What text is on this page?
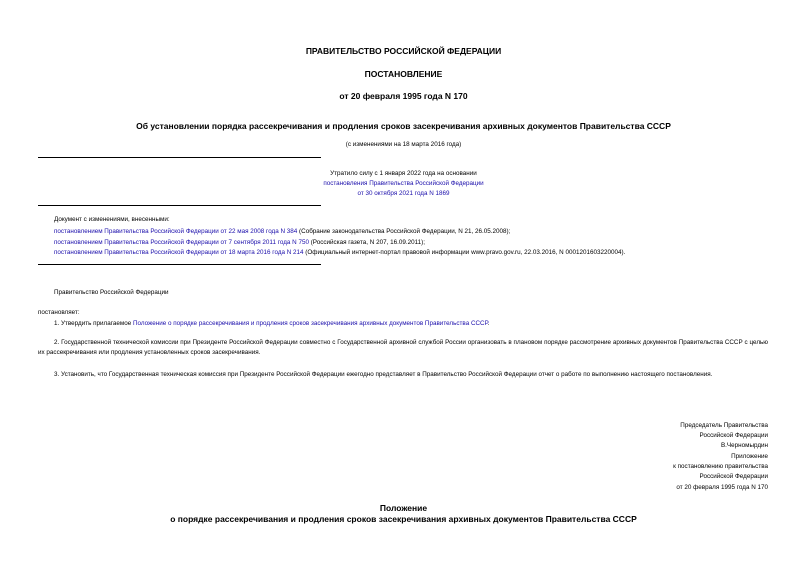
ПРАВИТЕЛЬСТВО РОССИЙСКОЙ ФЕДЕРАЦИИ
ПОСТАНОВЛЕНИЕ
от 20 февраля 1995 года N 170
Об установлении порядка рассекречивания и продления сроков засекречивания архивных документов Правительства СССР
(с изменениями на 18 марта 2016 года)
Утратило силу с 1 января 2022 года на основании
постановления Правительства Российской Федерации
от 30 октября 2021 года N 1869
Документ с изменениями, внесенными:
постановлением Правительства Российской Федерации от 22 мая 2008 года N 384 (Собрание законодательства Российской Федерации, N 21, 26.05.2008);
постановлением Правительства Российской Федерации от 7 сентября 2011 года N 750 (Российская газета, N 207, 16.09.2011);
постановлением Правительства Российской Федерации от 18 марта 2016 года N 214 (Официальный интернет-портал правовой информации www.pravo.gov.ru, 22.03.2016, N 0001201603220004).
Правительство Российской Федерации
постановляет:
1. Утвердить прилагаемое Положение о порядке рассекречивания и продления сроков засекречивания архивных документов Правительства СССР.
2. Государственной технической комиссии при Президенте Российской Федерации совместно с Государственной архивной службой России организовать в плановом порядке рассмотрение архивных документов Правительства СССР с целью их рассекречивания или продления установленных сроков засекречивания.
3. Установить, что Государственная техническая комиссия при Президенте Российской Федерации ежегодно представляет в Правительство Российской Федерации отчет о работе по выполнению настоящего постановления.
Председатель Правительства
Российской Федерации
В.Черномырдин
Приложение
к постановлению правительства
Российской Федерации
от 20 февраля 1995 года N 170
Положение
о порядке рассекречивания и продления сроков засекречивания архивных документов Правительства СССР
